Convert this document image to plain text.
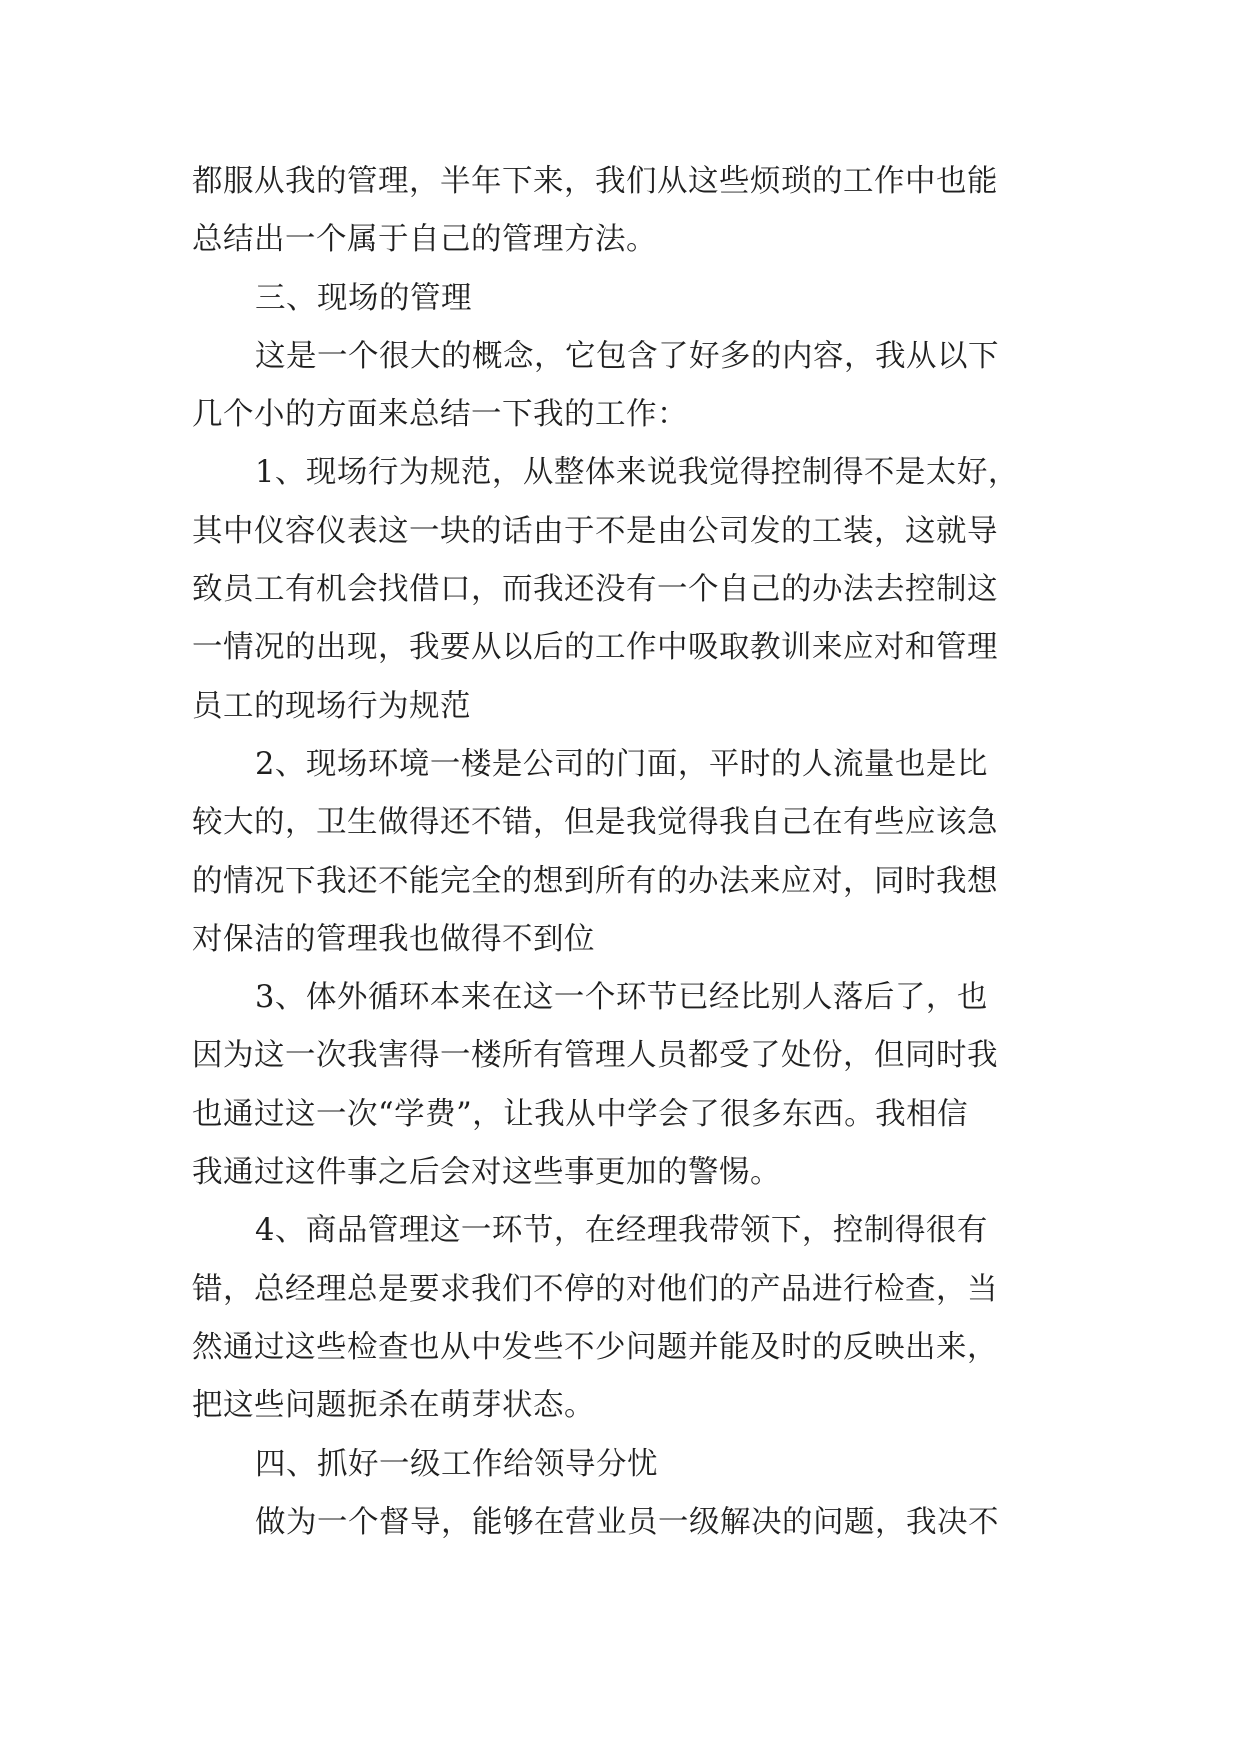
都服从我的管理，半年下来，我们从这些烦琐的工作中也能
总结出一个属于自己的管理方法。
三、现场的管理
这是一个很大的概念，它包含了好多的内容，我从以下
几个小的方面来总结一下我的工作：
1、现场行为规范，从整体来说我觉得控制得不是太好，
其中仪容仪表这一块的话由于不是由公司发的工装，这就导
致员工有机会找借口，而我还没有一个自己的办法去控制这
一情况的出现，我要从以后的工作中吸取教训来应对和管理
员工的现场行为规范
2、现场环境一楼是公司的门面，平时的人流量也是比
较大的，卫生做得还不错，但是我觉得我自己在有些应该急
的情况下我还不能完全的想到所有的办法来应对，同时我想
对保洁的管理我也做得不到位
3、体外循环本来在这一个环节已经比别人落后了，也
因为这一次我害得一楼所有管理人员都受了处份，但同时我
也通过这一次“学费”，让我从中学会了很多东西。我相信
我通过这件事之后会对这些事更加的警惕。
4、商品管理这一环节，在经理我带领下，控制得很有
错，总经理总是要求我们不停的对他们的产品进行检查，当
然通过这些检查也从中发些不少问题并能及时的反映出来，
把这些问题扼杀在萌芽状态。
四、抓好一级工作给领导分忧
做为一个督导，能够在营业员一级解决的问题，我决不
